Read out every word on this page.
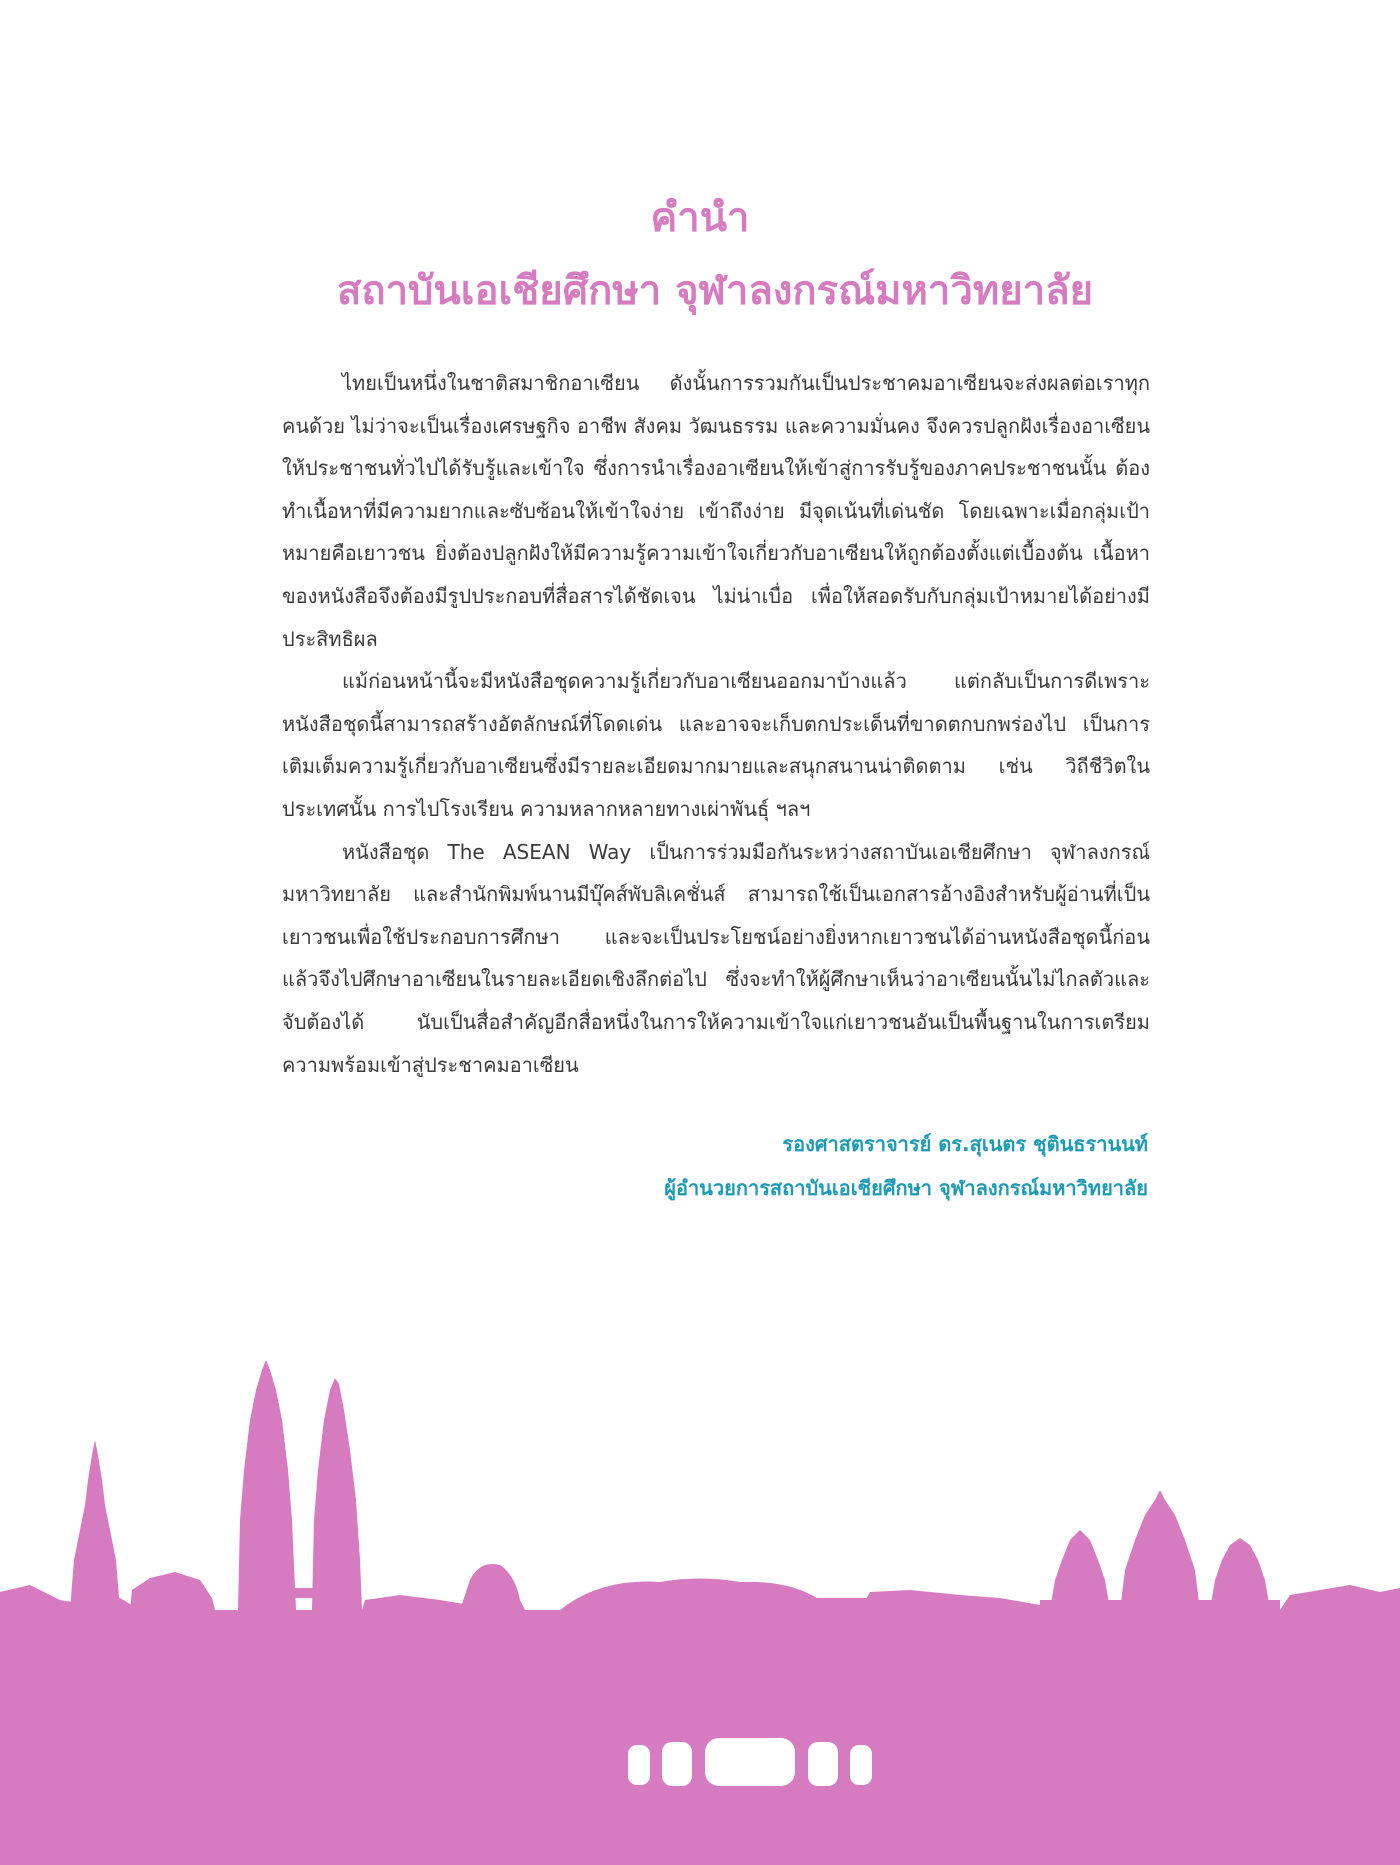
คำนำ
สถาบันเอเชียศึกษา จุฬาลงกรณ์มหาวิทยาลัย

ไทยเป็นหนึ่งในชาติสมาชิกอาเซียน ดังนั้นการรวมกันเป็นประชาคมอาเซียนจะส่งผลต่อเราทุกคนด้วย ไม่ว่าจะเป็นเรื่องเศรษฐกิจ อาชีพ สังคม วัฒนธรรม และความมั่นคง จึงควรปลูกฝังเรื่องอาเซียนให้ประชาชนทั่วไปได้รับรู้และเข้าใจ ซึ่งการนำเรื่องอาเซียนให้เข้าสู่การรับรู้ของภาคประชาชนนั้น ต้องทำเนื้อหาที่มีความยากและซับซ้อนให้เข้าใจง่าย เข้าถึงง่าย มีจุดเน้นที่เด่นชัด โดยเฉพาะเมื่อกลุ่มเป้าหมายคือเยาวชน ยิ่งต้องปลูกฝังให้มีความรู้ความเข้าใจเกี่ยวกับอาเซียนให้ถูกต้องตั้งแต่เบื้องต้น เนื้อหาของหนังสือจึงต้องมีรูปประกอบที่สื่อสารได้ชัดเจน ไม่น่าเบื่อ เพื่อให้สอดรับกับกลุ่มเป้าหมายได้อย่างมีประสิทธิผล

แม้ก่อนหน้านี้จะมีหนังสือชุดความรู้เกี่ยวกับอาเซียนออกมาบ้างแล้ว แต่กลับเป็นการดีเพราะหนังสือชุดนี้สามารถสร้างอัตลักษณ์ที่โดดเด่น และอาจจะเก็บตกประเด็นที่ขาดตกบกพร่องไป เป็นการเติมเต็มความรู้เกี่ยวกับอาเซียนซึ่งมีรายละเอียดมากมายและสนุกสนานน่าติดตาม เช่น วิถีชีวิตในประเทศนั้น การไปโรงเรียน ความหลากหลายทางเผ่าพันธุ์ ฯลฯ

หนังสือชุด The ASEAN Way เป็นการร่วมมือกันระหว่างสถาบันเอเชียศึกษา จุฬาลงกรณ์มหาวิทยาลัย และสำนักพิมพ์นานมีบุ๊คส์พับลิเคชั่นส์ สามารถใช้เป็นเอกสารอ้างอิงสำหรับผู้อ่านที่เป็นเยาวชนเพื่อใช้ประกอบการศึกษา และจะเป็นประโยชน์อย่างยิ่งหากเยาวชนได้อ่านหนังสือชุดนี้ก่อน แล้วจึงไปศึกษาอาเซียนในรายละเอียดเชิงลึกต่อไป ซึ่งจะทำให้ผู้ศึกษาเห็นว่าอาเซียนนั้นไม่ไกลตัวและจับต้องได้ นับเป็นสื่อสำคัญอีกสื่อหนึ่งในการให้ความเข้าใจแก่เยาวชนอันเป็นพื้นฐานในการเตรียมความพร้อมเข้าสู่ประชาคมอาเซียน

รองศาสตราจารย์ ดร.สุเนตร ชุตินธรานนท์
ผู้อำนวยการสถาบันเอเชียศึกษา จุฬาลงกรณ์มหาวิทยาลัย
